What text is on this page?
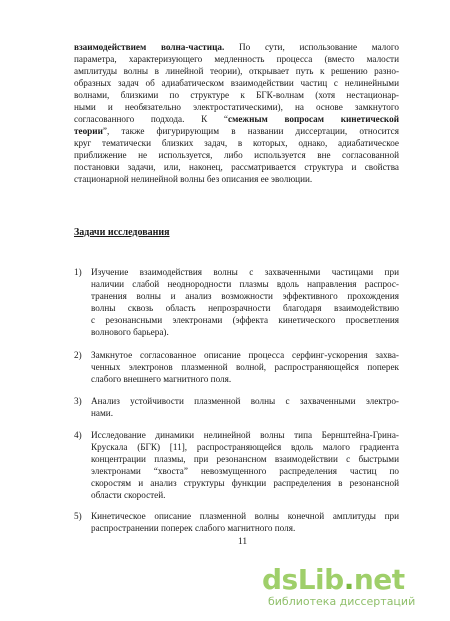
взаимодействием волна-частица. По сути, использование малого
параметра, характеризующего медленность процесса (вместо малости
амплитуды волны в линейной теории), открывает путь к решению разно-
образных задач об адиабатическом взаимодействии частиц с нелинейными
волнами, близкими по структуре к БГК-волнам (хотя нестационар-
ными и необязательно электростатическими), на основе замкнутого
согласованного подхода. К “смежным вопросам кинетической
теории”, также фигурирующим в названии диссертации, относится
круг тематически близких задач, в которых, однако, адиабатическое
приближение не используется, либо используется вне согласованной
постановки задачи, или, наконец, рассматривается структура и свойства
стационарной нелинейной волны без описания ее эволюции.
Задачи исследования
1) Изучение взаимодействия волны с захваченными частицами при
наличии слабой неоднородности плазмы вдоль направления распрос-
транения волны и анализ возможности эффективного прохождения
волны сквозь область непрозрачности благодаря взаимодействию
с резонансными электронами (эффекта кинетического просветления
волнового барьера).
2) Замкнутое согласованное описание процесса серфинг-ускорения захва-
ченных электронов плазменной волной, распространяющейся поперек
слабого внешнего магнитного поля.
3) Анализ устойчивости плазменной волны с захваченными электро-
нами.
4) Исследование динамики нелинейной волны типа Бернштейна-Грина-
Крускала (БГК) [11], распространяющейся вдоль малого градиента
концентрации плазмы, при резонансном взаимодействии с быстрыми
электронами “хвоста” невозмущенного распределения частиц по
скоростям и анализ структуры функции распределения в резонансной
области скоростей.
5) Кинетическое описание плазменной волны конечной амплитуды при
распространении поперек слабого магнитного поля.
11
dsLib.net
библиотека диссертаций
